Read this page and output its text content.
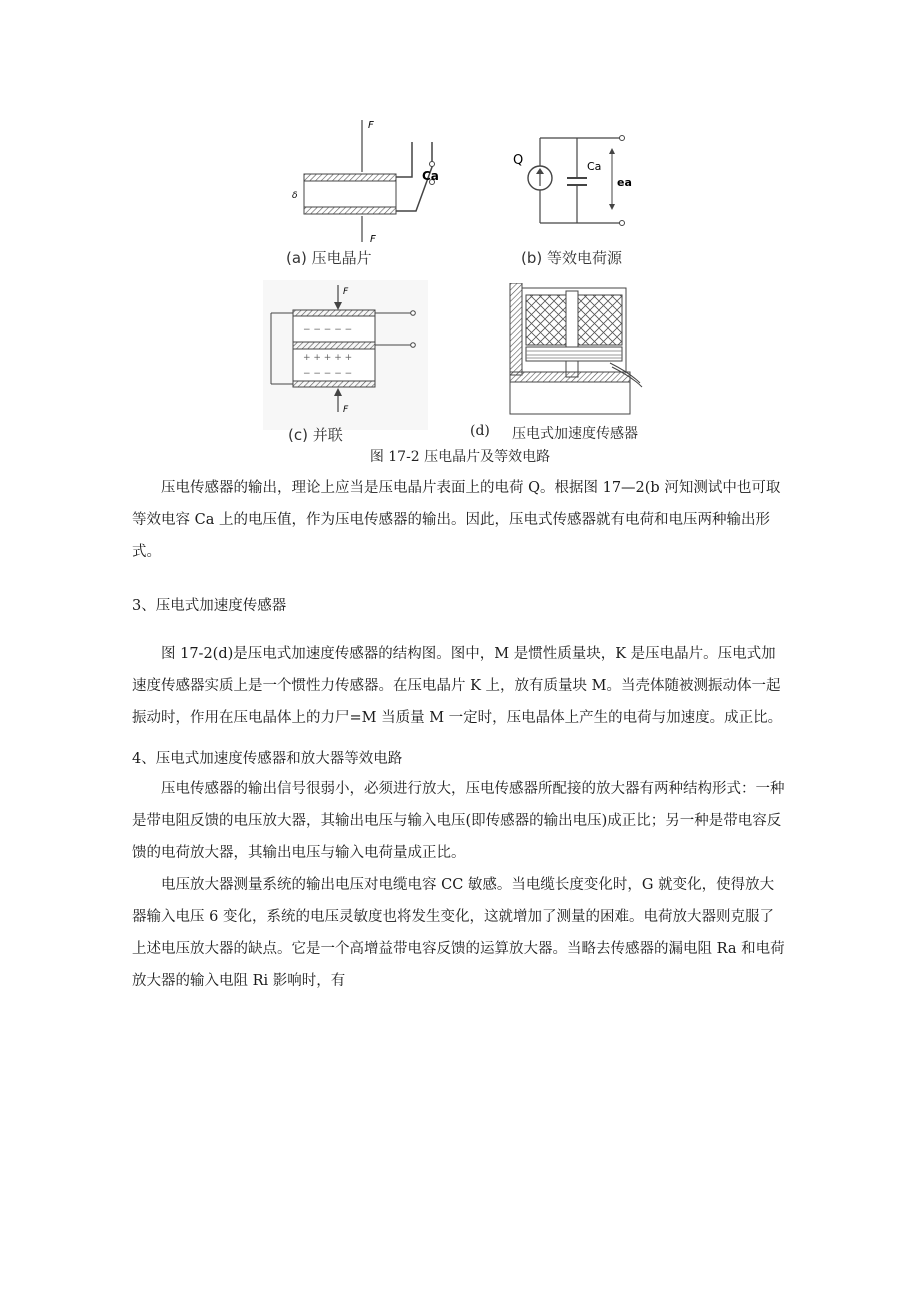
F
Ca
δ
F
(a) 压电晶片
Q	Ca
ea
(b) 等效电荷源
F
− − − − −
+ + + + +
− − − − −
F
(c) 并联	(d) 压电式加速度传感器
图 17-2 压电晶片及等效电路

压电传感器的输出，理论上应当是压电晶片表面上的电荷 Q。根据图 17—2(b 河知测试中也可取等效电容 Ca 上的电压值，作为压电传感器的输出。因此，压电式传感器就有电荷和电压两种输出形式。

3、压电式加速度传感器

图 17-2(d)是压电式加速度传感器的结构图。图中，M 是惯性质量块，K 是压电晶片。压电式加速度传感器实质上是一个惯性力传感器。在压电晶片 K 上，放有质量块 M。当壳体随被测振动体一起振动时，作用在压电晶体上的力尸=M 当质量 M 一定时，压电晶体上产生的电荷与加速度。成正比。

4、压电式加速度传感器和放大器等效电路

压电传感器的输出信号很弱小，必须进行放大，压电传感器所配接的放大器有两种结构形式：一种是带电阻反馈的电压放大器，其输出电压与输入电压(即传感器的输出电压)成正比；另一种是带电容反馈的电荷放大器，其输出电压与输入电荷量成正比。

电压放大器测量系统的输出电压对电缆电容 CC 敏感。当电缆长度变化时，G 就变化，使得放大器输入电压 6 变化，系统的电压灵敏度也将发生变化，这就增加了测量的困难。电荷放大器则克服了上述电压放大器的缺点。它是一个高增益带电容反馈的运算放大器。当略去传感器的漏电阻 Ra 和电荷放大器的输入电阻 Ri 影响时，有
